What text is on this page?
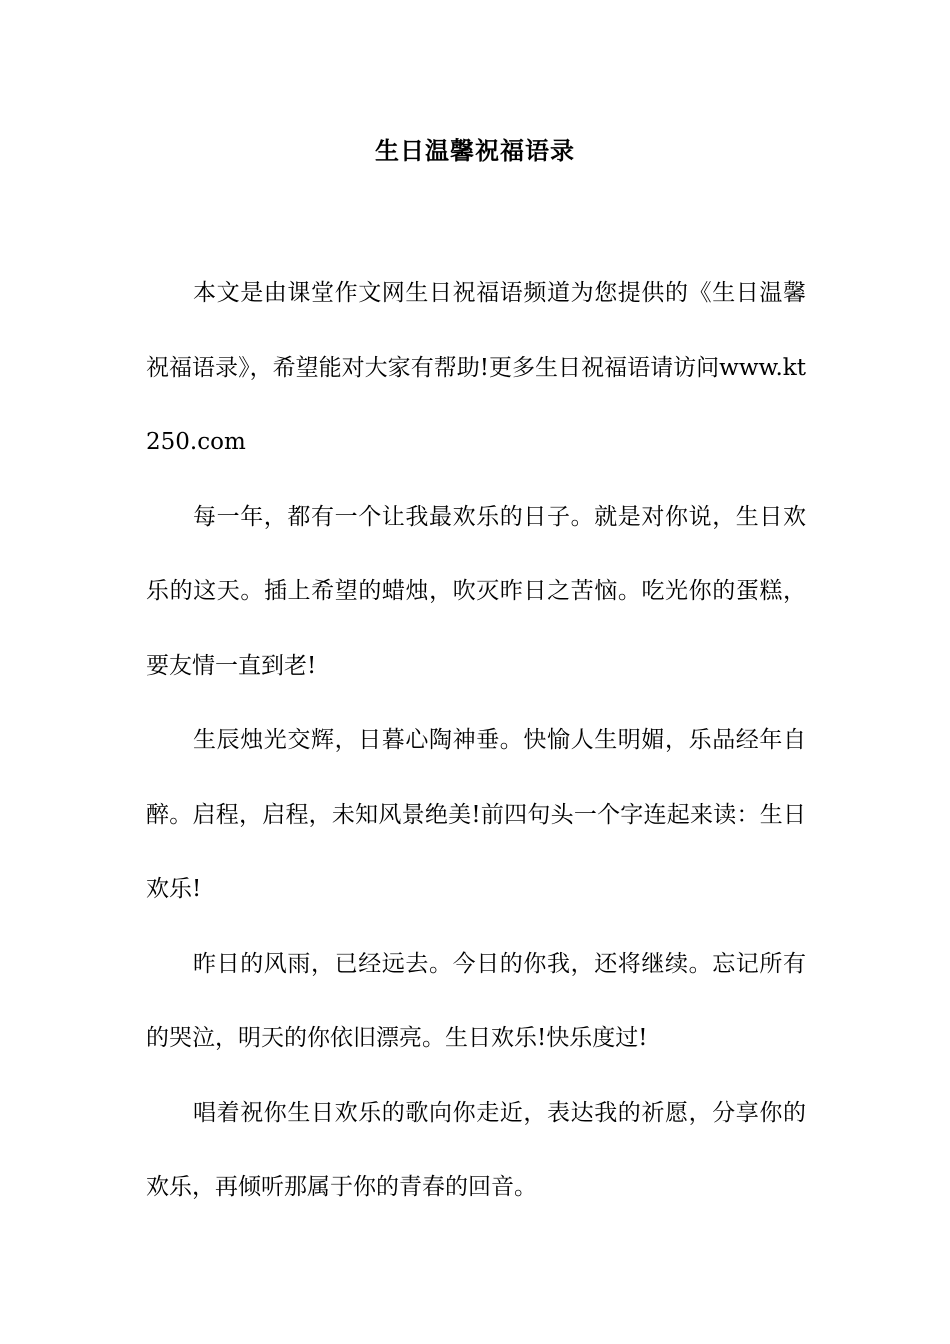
生日温馨祝福语录

本文是由课堂作文网生日祝福语频道为您提供的《生日温馨祝福语录》，希望能对大家有帮助!更多生日祝福语请访问www.kt250.com

每一年，都有一个让我最欢乐的日子。就是对你说，生日欢乐的这天。插上希望的蜡烛，吹灭昨日之苦恼。吃光你的蛋糕，要友情一直到老!

生辰烛光交辉，日暮心陶神垂。快愉人生明媚，乐品经年自醉。启程，启程，未知风景绝美!前四句头一个字连起来读：生日欢乐!

昨日的风雨，已经远去。今日的你我，还将继续。忘记所有的哭泣，明天的你依旧漂亮。生日欢乐!快乐度过!

唱着祝你生日欢乐的歌向你走近，表达我的祈愿，分享你的欢乐，再倾听那属于你的青春的回音。
